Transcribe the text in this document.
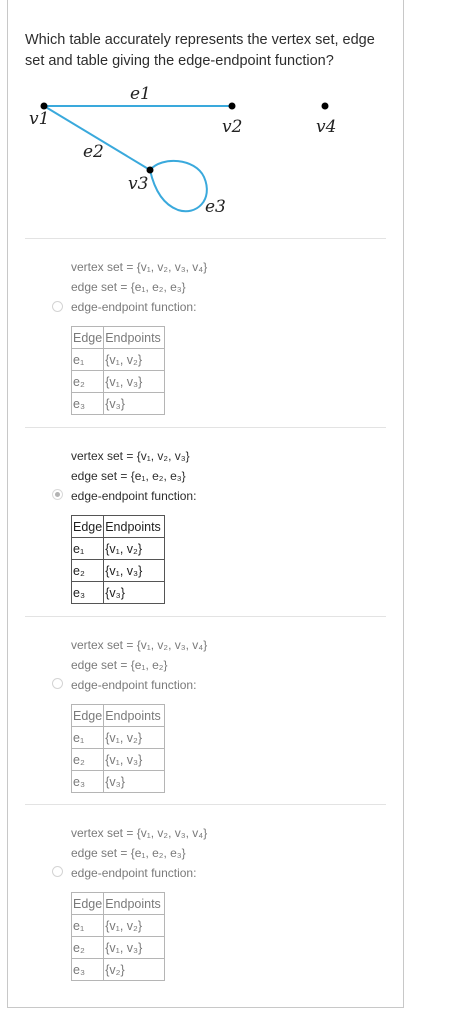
Which table accurately represents the vertex set, edge set and table giving the edge-endpoint function?
v1	v2
v3
v4
e1
e2
e3
vertex set = {v₁, v₂, v₃, v₄}
edge set = {e₁, e₂, e₃}
edge-endpoint function:
Edge	Endpoints
e₁	{v₁, v₂}
e₂	{v₁, v₃}
e₃	{v₃}
vertex set = {v₁, v₂, v₃}
edge set = {e₁, e₂, e₃}
edge-endpoint function:
Edge	Endpoints
e₁	{v₁, v₂}
e₂	{v₁, v₃}
e₃	{v₃}
vertex set = {v₁, v₂, v₃, v₄}
edge set = {e₁, e₂}
edge-endpoint function:
Edge	Endpoints
e₁	{v₁, v₂}
e₂	{v₁, v₃}
e₃	{v₃}
vertex set = {v₁, v₂, v₃, v₄}
edge set = {e₁, e₂, e₃}
edge-endpoint function:
Edge	Endpoints
e₁	{v₁, v₂}
e₂	{v₁, v₃}
e₃	{v₂}
